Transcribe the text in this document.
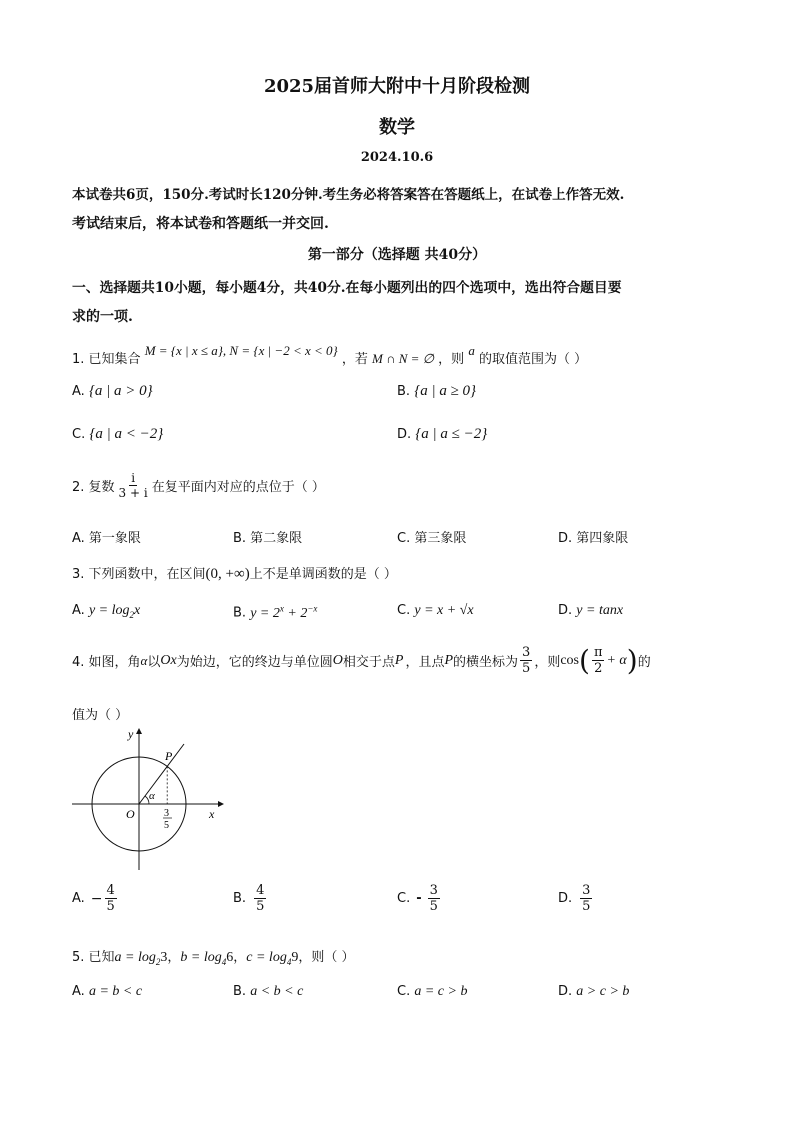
2025届首师大附中十月阶段检测
数学
2024.10.6
本试卷共6页，150分.考试时长120分钟.考生务必将答案答在答题纸上，在试卷上作答无效.
考试结束后，将本试卷和答题纸一并交回.
第一部分（选择题 共40分）
一、选择题共10小题，每小题4分，共40分.在每小题列出的四个选项中，选出符合题目要
求的一项.
1. 已知集合 M = {x | x ≤ a}, N = {x | −2 < x < 0} ，若 M ∩ N = ∅ ，则 a 的取值范围为（ ）
A. {a | a > 0}	B. {a | a ≥ 0}
C. {a | a < −2}	D. {a | a ≤ −2}
2. 复数 $\frac{i}{3 + i}$ 在复平面内对应的点位于（ ）
A. 第一象限	B. 第二象限	C. 第三象限	D. 第四象限
3. 下列函数中，在区间(0, +∞)上不是单调函数的是（ ）
A. $y = \log_2x$	B. $y = 2^x + 2^{-x}$	C. y = x + √x	D. y = tanx
4. 如图，角 α 以 Ox 为始边，它的终边与单位圆 O 相交于点 P ，且点 P 的横坐标为 $\frac{3}{5}$ ，则 cos ( $\frac{\pi}{2} + \alpha$ ) 的
值为（ ）
y
x
O
P
α
3
5
A. − $\frac{4}{5}$	B. $\frac{4}{5}$	C. - $\frac{3}{5}$	D. $\frac{3}{5}$
5. 已知$a = \log_23$，$b = \log_46$，$c = \log_49$，则（ ）
A. a = b < c	B. a < b < c	C. a = c > b	D. a > c > b
